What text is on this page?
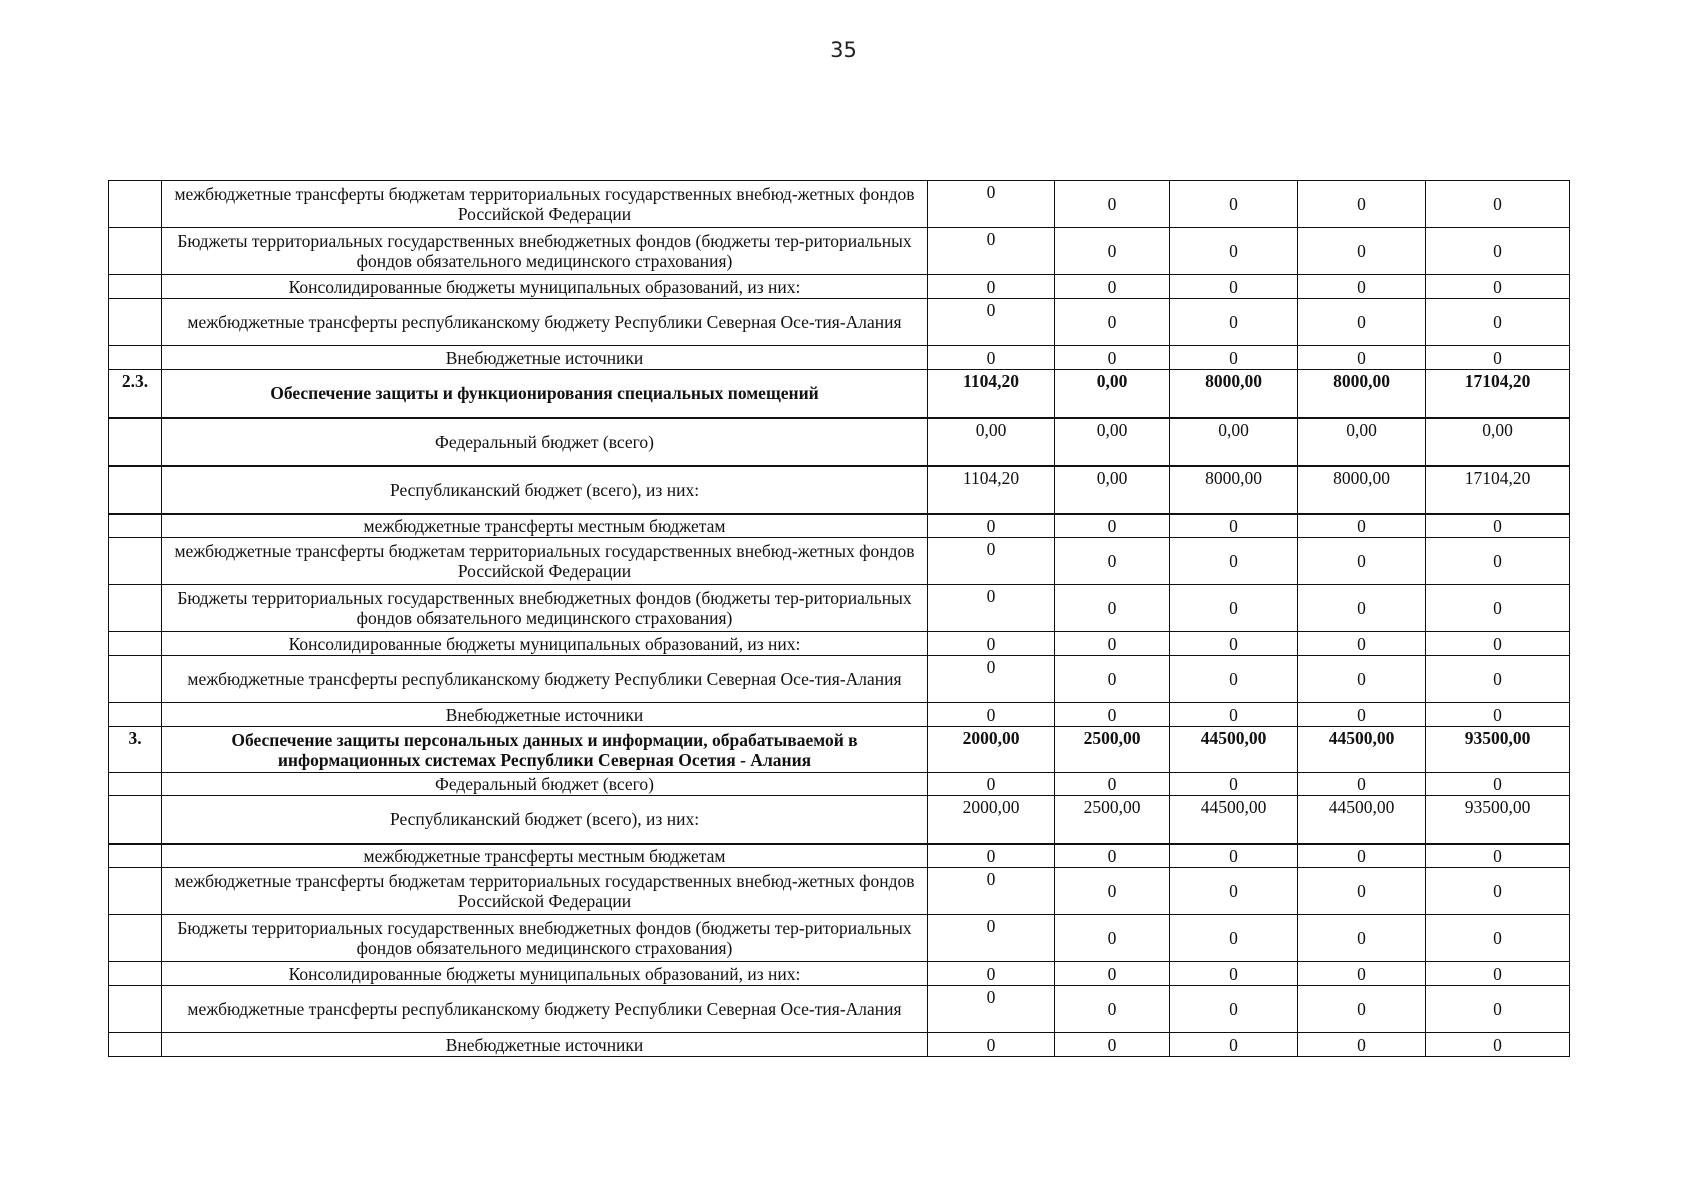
35
	межбюджетные трансферты бюджетам территориальных государственных внебюд-жетных фондов Российской Федерации	0	0	0	0	0
	Бюджеты территориальных государственных внебюджетных фондов (бюджеты тер-риториальных фондов обязательного медицинского страхования)	0	0	0	0	0
	Консолидированные бюджеты муниципальных образований, из них:	0	0	0	0	0
	межбюджетные трансферты республиканскому бюджету Республики Северная Осе-тия-Алания	0	0	0	0	0
	Внебюджетные источники	0	0	0	0	0
2.3.	Обеспечение защиты и функционирования специальных помещений	1104,20	0,00	8000,00	8000,00	17104,20
	Федеральный бюджет (всего)	0,00	0,00	0,00	0,00	0,00
	Республиканский бюджет (всего), из них:	1104,20	0,00	8000,00	8000,00	17104,20
	межбюджетные трансферты местным бюджетам	0	0	0	0	0
	межбюджетные трансферты бюджетам территориальных государственных внебюд-жетных фондов Российской Федерации	0	0	0	0	0
	Бюджеты территориальных государственных внебюджетных фондов (бюджеты тер-риториальных фондов обязательного медицинского страхования)	0	0	0	0	0
	Консолидированные бюджеты муниципальных образований, из них:	0	0	0	0	0
	межбюджетные трансферты республиканскому бюджету Республики Северная Осе-тия-Алания	0	0	0	0	0
	Внебюджетные источники	0	0	0	0	0
3.	Обеспечение защиты персональных данных и информации, обрабатываемой в информационных системах Республики Северная Осетия - Алания	2000,00	2500,00	44500,00	44500,00	93500,00
	Федеральный бюджет (всего)	0	0	0	0	0
	Республиканский бюджет (всего), из них:	2000,00	2500,00	44500,00	44500,00	93500,00
	межбюджетные трансферты местным бюджетам	0	0	0	0	0
	межбюджетные трансферты бюджетам территориальных государственных внебюд-жетных фондов Российской Федерации	0	0	0	0	0
	Бюджеты территориальных государственных внебюджетных фондов (бюджеты тер-риториальных фондов обязательного медицинского страхования)	0	0	0	0	0
	Консолидированные бюджеты муниципальных образований, из них:	0	0	0	0	0
	межбюджетные трансферты республиканскому бюджету Республики Северная Осе-тия-Алания	0	0	0	0	0
	Внебюджетные источники	0	0	0	0	0
